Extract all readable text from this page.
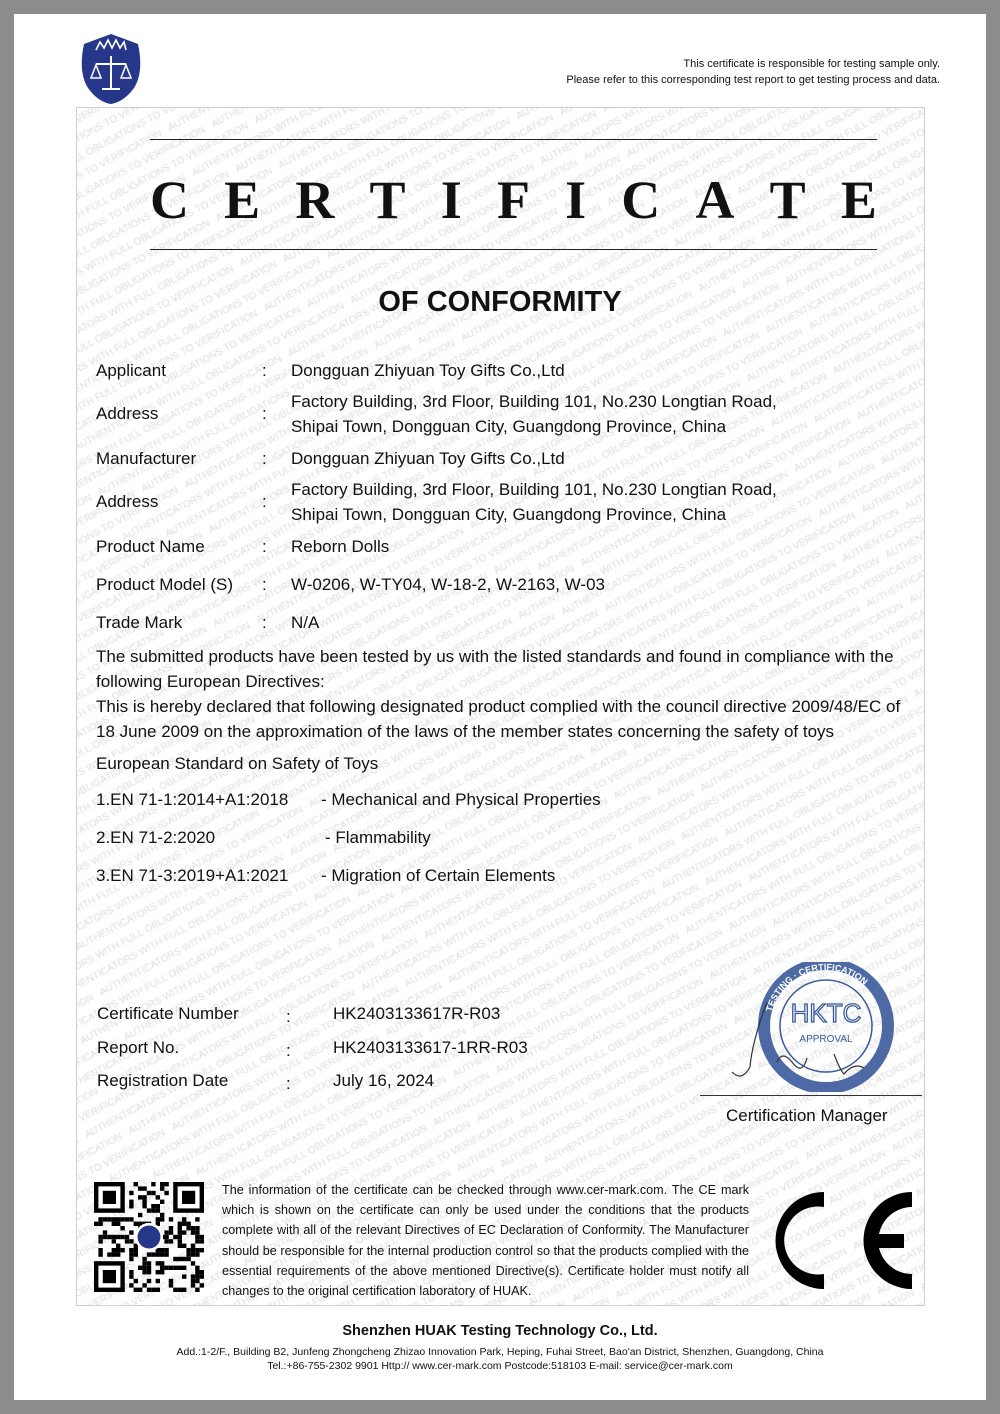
This certificate is responsible for testing sample only.
Please refer to this corresponding test report to get testing process and data.
C E R T I F I C A T E
OF CONFORMITY
Applicant	: Dongguan Zhiyuan Toy Gifts Co.,Ltd
Address	:
Factory Building, 3rd Floor, Building 101, No.230 Longtian Road,
Shipai Town, Dongguan City, Guangdong Province, China
Manufacturer	: Dongguan Zhiyuan Toy Gifts Co.,Ltd
Address	:
Factory Building, 3rd Floor, Building 101, No.230 Longtian Road,
Shipai Town, Dongguan City, Guangdong Province, China
Product Name	: Reborn Dolls
Product Model (S) : W-0206, W-TY04, W-18-2, W-2163, W-03
Trade Mark	: N/A
The submitted products have been tested by us with the listed standards and found in compliance with the following European Directives:
This is hereby declared that following designated product complied with the council directive 2009/48/EC of 18 June 2009 on the approximation of the laws of the member states concerning the safety of toys
European Standard on Safety of Toys
1.EN 71-1:2014+A1:2018 - Mechanical and Physical Properties
2.EN 71-2:2020	- Flammability
3.EN 71-3:2019+A1:2021 - Migration of Certain Elements
Certificate Number	: HK2403133617R-R03
Report No.	: HK2403133617-1RR-R03
Registration Date	: July 16, 2024
TESTING · CERTIFICATION
HKTC
APPROVAL
Certification Manager
The information of the certificate can be checked through www.cer-mark.com. The CE mark which is shown on the certificate can only be used under the conditions that the products complete with all of the relevant Directives of EC Declaration of Conformity. The Manufacturer should be responsible for the internal production control so that the products complied with the essential requirements of the above mentioned Directive(s). Certificate holder must notify all changes to the original certification laboratory of HUAK.
Shenzhen HUAK Testing Technology Co., Ltd.
Add.:1-2/F., Building B2, Junfeng Zhongcheng Zhizao Innovation Park, Heping, Fuhai Street, Bao'an District, Shenzhen, Guangdong, China
Tel.:+86-755-2302 9901 Http:// www.cer-mark.com Postcode:518103 E-mail: service@cer-mark.com
